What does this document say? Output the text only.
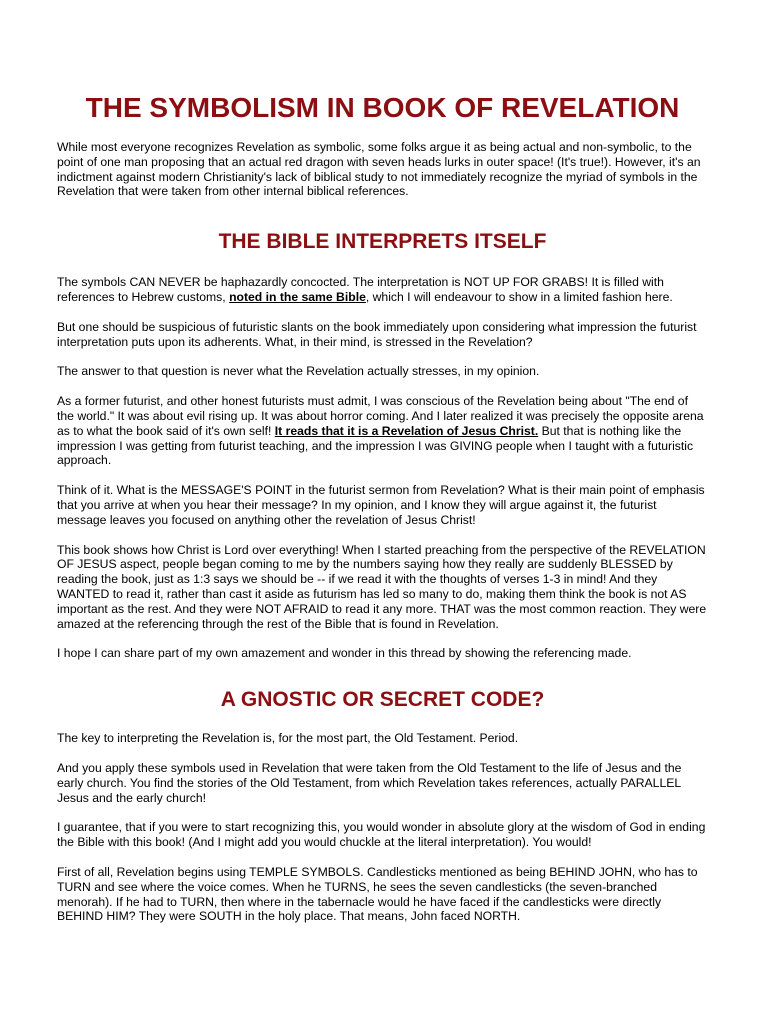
THE SYMBOLISM IN BOOK OF REVELATION

While most everyone recognizes Revelation as symbolic, some folks argue it as being actual and non-symbolic, to the point of one man proposing that an actual red dragon with seven heads lurks in outer space! (It's true!). However, it's an indictment against modern Christianity's lack of biblical study to not immediately recognize the myriad of symbols in the Revelation that were taken from other internal biblical references.

THE BIBLE INTERPRETS ITSELF

The symbols CAN NEVER be haphazardly concocted. The interpretation is NOT UP FOR GRABS! It is filled with references to Hebrew customs, noted in the same Bible, which I will endeavour to show in a limited fashion here.

But one should be suspicious of futuristic slants on the book immediately upon considering what impression the futurist interpretation puts upon its adherents. What, in their mind, is stressed in the Revelation?

The answer to that question is never what the Revelation actually stresses, in my opinion.

As a former futurist, and other honest futurists must admit, I was conscious of the Revelation being about "The end of the world." It was about evil rising up. It was about horror coming. And I later realized it was precisely the opposite arena as to what the book said of it's own self! It reads that it is a Revelation of Jesus Christ. But that is nothing like the impression I was getting from futurist teaching, and the impression I was GIVING people when I taught with a futuristic approach.

Think of it. What is the MESSAGE'S POINT in the futurist sermon from Revelation? What is their main point of emphasis that you arrive at when you hear their message? In my opinion, and I know they will argue against it, the futurist message leaves you focused on anything other the revelation of Jesus Christ!

This book shows how Christ is Lord over everything! When I started preaching from the perspective of the REVELATION OF JESUS aspect, people began coming to me by the numbers saying how they really are suddenly BLESSED by reading the book, just as 1:3 says we should be -- if we read it with the thoughts of verses 1-3 in mind! And they WANTED to read it, rather than cast it aside as futurism has led so many to do, making them think the book is not AS important as the rest. And they were NOT AFRAID to read it any more. THAT was the most common reaction. They were amazed at the referencing through the rest of the Bible that is found in Revelation.

I hope I can share part of my own amazement and wonder in this thread by showing the referencing made.

A GNOSTIC OR SECRET CODE?

The key to interpreting the Revelation is, for the most part, the Old Testament. Period.

And you apply these symbols used in Revelation that were taken from the Old Testament to the life of Jesus and the early church. You find the stories of the Old Testament, from which Revelation takes references, actually PARALLEL Jesus and the early church!

I guarantee, that if you were to start recognizing this, you would wonder in absolute glory at the wisdom of God in ending the Bible with this book! (And I might add you would chuckle at the literal interpretation). You would!

First of all, Revelation begins using TEMPLE SYMBOLS. Candlesticks mentioned as being BEHIND JOHN, who has to TURN and see where the voice comes. When he TURNS, he sees the seven candlesticks (the seven-branched menorah). If he had to TURN, then where in the tabernacle would he have faced if the candlesticks were directly BEHIND HIM? They were SOUTH in the holy place. That means, John faced NORTH.
